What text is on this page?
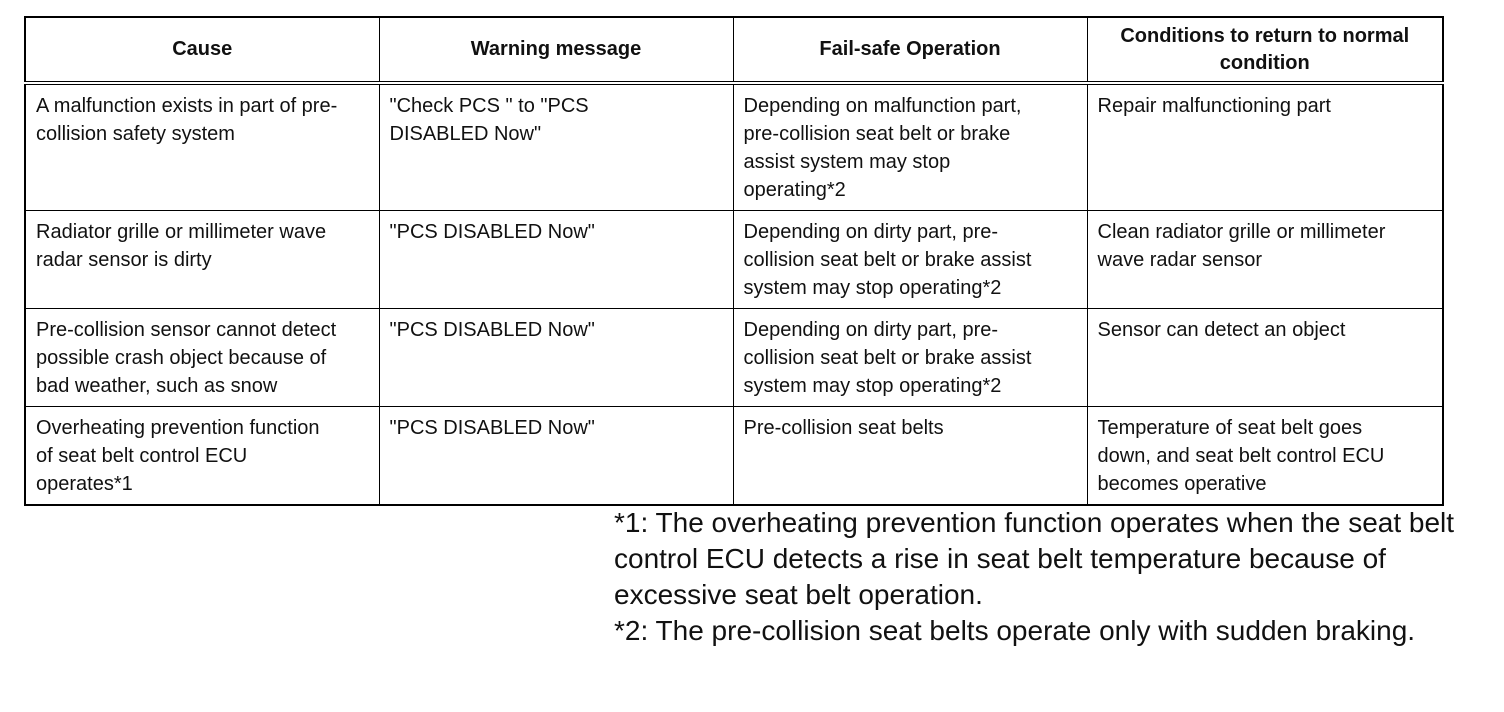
Cause	Warning message	Fail-safe Operation	Conditions to return to normal
condition
A malfunction exists in part of pre-
collision safety system	"Check PCS " to "PCS
DISABLED Now"	Depending on malfunction part,
pre-collision seat belt or brake
assist system may stop
operating*2	Repair malfunctioning part
Radiator grille or millimeter wave
radar sensor is dirty	"PCS DISABLED Now"	Depending on dirty part, pre-
collision seat belt or brake assist
system may stop operating*2	Clean radiator grille or millimeter
wave radar sensor
Pre-collision sensor cannot detect
possible crash object because of
bad weather, such as snow	"PCS DISABLED Now"	Depending on dirty part, pre-
collision seat belt or brake assist
system may stop operating*2	Sensor can detect an object
Overheating prevention function
of seat belt control ECU
operates*1	"PCS DISABLED Now"	Pre-collision seat belts	Temperature of seat belt goes
down, and seat belt control ECU
becomes operative

*1: The overheating prevention function operates when the seat belt control ECU detects a rise in seat belt temperature because of excessive seat belt operation.

*2: The pre-collision seat belts operate only with sudden braking.
